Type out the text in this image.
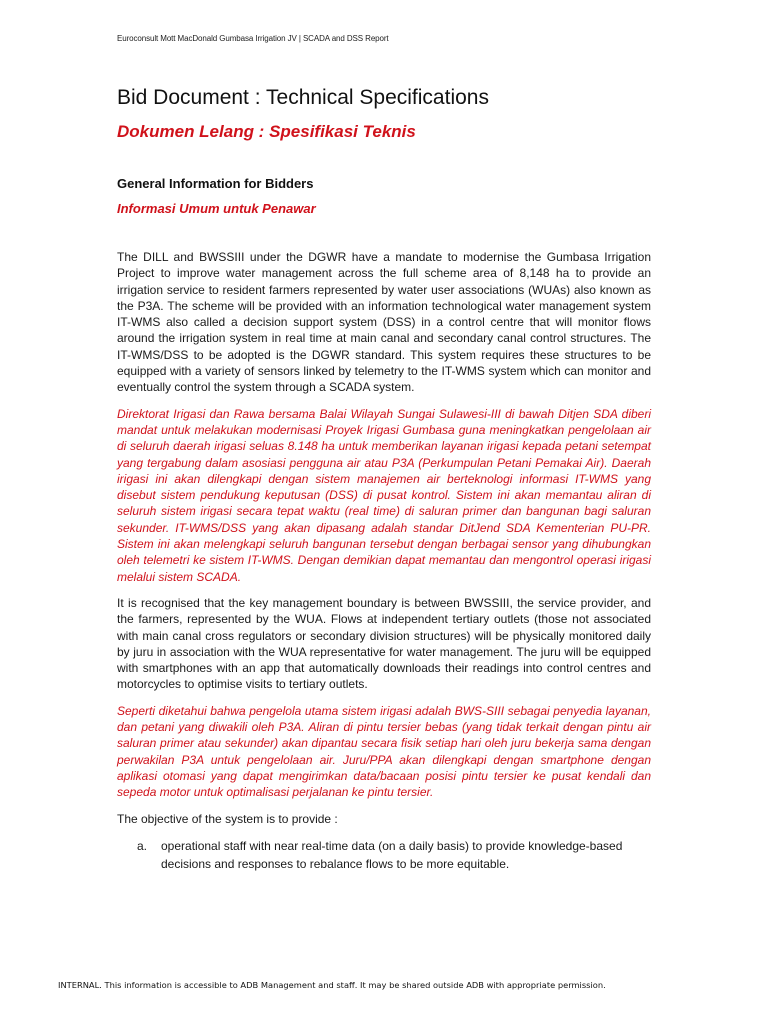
Euroconsult Mott MacDonald Gumbasa Irrigation JV | SCADA and DSS Report
Bid Document : Technical Specifications
Dokumen Lelang : Spesifikasi Teknis
General Information for Bidders
Informasi Umum untuk Penawar

The DILL and BWSSIII under the DGWR have a mandate to modernise the Gumbasa Irrigation Project to improve water management across the full scheme area of 8,148 ha to provide an irrigation service to resident farmers represented by water user associations (WUAs) also known as the P3A. The scheme will be provided with an information technological water management system IT-WMS also called a decision support system (DSS) in a control centre that will monitor flows around the irrigation system in real time at main canal and secondary canal control structures. The IT-WMS/DSS to be adopted is the DGWR standard. This system requires these structures to be equipped with a variety of sensors linked by telemetry to the IT-WMS system which can monitor and eventually control the system through a SCADA system.

Direktorat Irigasi dan Rawa bersama Balai Wilayah Sungai Sulawesi-III di bawah Ditjen SDA diberi mandat untuk melakukan modernisasi Proyek Irigasi Gumbasa guna meningkatkan pengelolaan air di seluruh daerah irigasi seluas 8.148 ha untuk memberikan layanan irigasi kepada petani setempat yang tergabung dalam asosiasi pengguna air atau P3A (Perkumpulan Petani Pemakai Air). Daerah irigasi ini akan dilengkapi dengan sistem manajemen air berteknologi informasi IT-WMS yang disebut sistem pendukung keputusan (DSS) di pusat kontrol. Sistem ini akan memantau aliran di seluruh sistem irigasi secara tepat waktu (real time) di saluran primer dan bangunan bagi saluran sekunder. IT-WMS/DSS yang akan dipasang adalah standar DitJend SDA Kementerian PU-PR. Sistem ini akan melengkapi seluruh bangunan tersebut dengan berbagai sensor yang dihubungkan oleh telemetri ke sistem IT-WMS. Dengan demikian dapat memantau dan mengontrol operasi irigasi melalui sistem SCADA.

It is recognised that the key management boundary is between BWSSIII, the service provider, and the farmers, represented by the WUA. Flows at independent tertiary outlets (those not associated with main canal cross regulators or secondary division structures) will be physically monitored daily by juru in association with the WUA representative for water management. The juru will be equipped with smartphones with an app that automatically downloads their readings into control centres and motorcycles to optimise visits to tertiary outlets.

Seperti diketahui bahwa pengelola utama sistem irigasi adalah BWS-SIII sebagai penyedia layanan, dan petani yang diwakili oleh P3A. Aliran di pintu tersier bebas (yang tidak terkait dengan pintu air saluran primer atau sekunder) akan dipantau secara fisik setiap hari oleh juru bekerja sama dengan perwakilan P3A untuk pengelolaan air. Juru/PPA akan dilengkapi dengan smartphone dengan aplikasi otomasi yang dapat mengirimkan data/bacaan posisi pintu tersier ke pusat kendali dan sepeda motor untuk optimalisasi perjalanan ke pintu tersier.

The objective of the system is to provide :

a.	operational staff with near real-time data (on a daily basis) to provide knowledge-based decisions and responses to rebalance flows to be more equitable.
INTERNAL. This information is accessible to ADB Management and staff. It may be shared outside ADB with appropriate permission.
